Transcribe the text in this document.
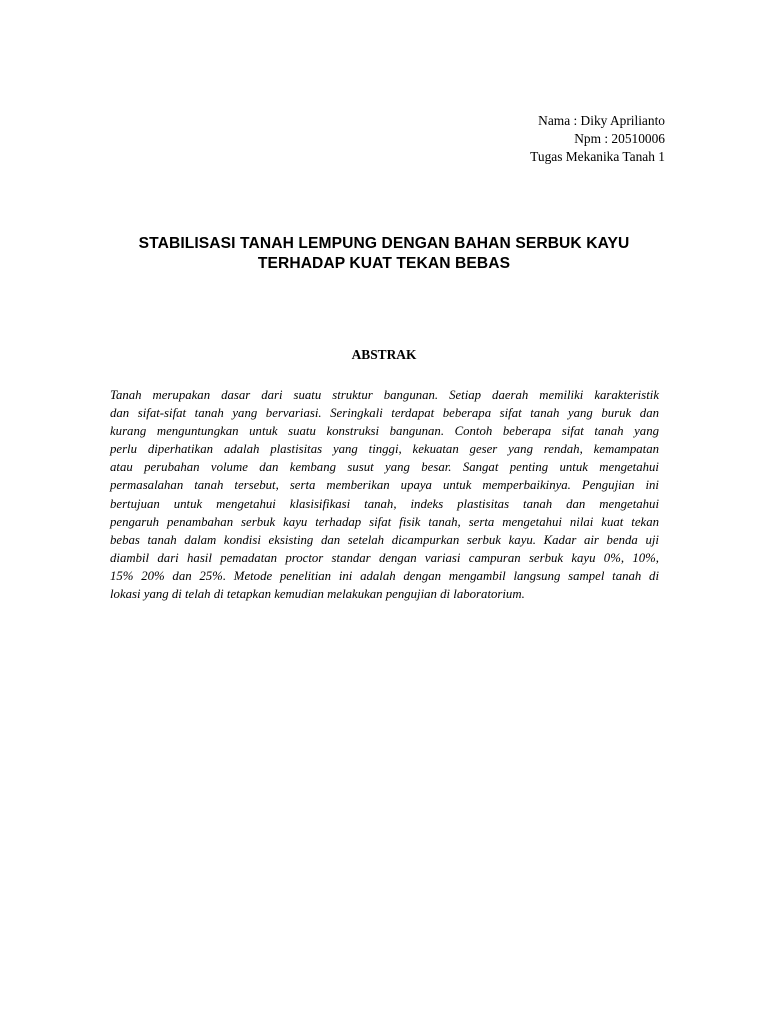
Nama : Diky Aprilianto
Npm : 20510006
Tugas Mekanika Tanah 1
STABILISASI TANAH LEMPUNG DENGAN BAHAN SERBUK KAYU
TERHADAP KUAT TEKAN BEBAS
ABSTRAK
Tanah merupakan dasar dari suatu struktur bangunan. Setiap daerah memiliki karakteristik
dan sifat-sifat tanah yang bervariasi. Seringkali terdapat beberapa sifat tanah yang buruk dan
kurang menguntungkan untuk suatu konstruksi bangunan. Contoh beberapa sifat tanah yang
perlu diperhatikan adalah plastisitas yang tinggi, kekuatan geser yang rendah, kemampatan
atau perubahan volume dan kembang susut yang besar. Sangat penting untuk mengetahui
permasalahan tanah tersebut, serta memberikan upaya untuk memperbaikinya. Pengujian ini
bertujuan untuk mengetahui klasisifikasi tanah, indeks plastisitas tanah dan mengetahui
pengaruh penambahan serbuk kayu terhadap sifat fisik tanah, serta mengetahui nilai kuat tekan
bebas tanah dalam kondisi eksisting dan setelah dicampurkan serbuk kayu. Kadar air benda uji
diambil dari hasil pemadatan proctor standar dengan variasi campuran serbuk kayu 0%, 10%,
15% 20% dan 25%. Metode penelitian ini adalah dengan mengambil langsung sampel tanah di
lokasi yang di telah di tetapkan kemudian melakukan pengujian di laboratorium.
